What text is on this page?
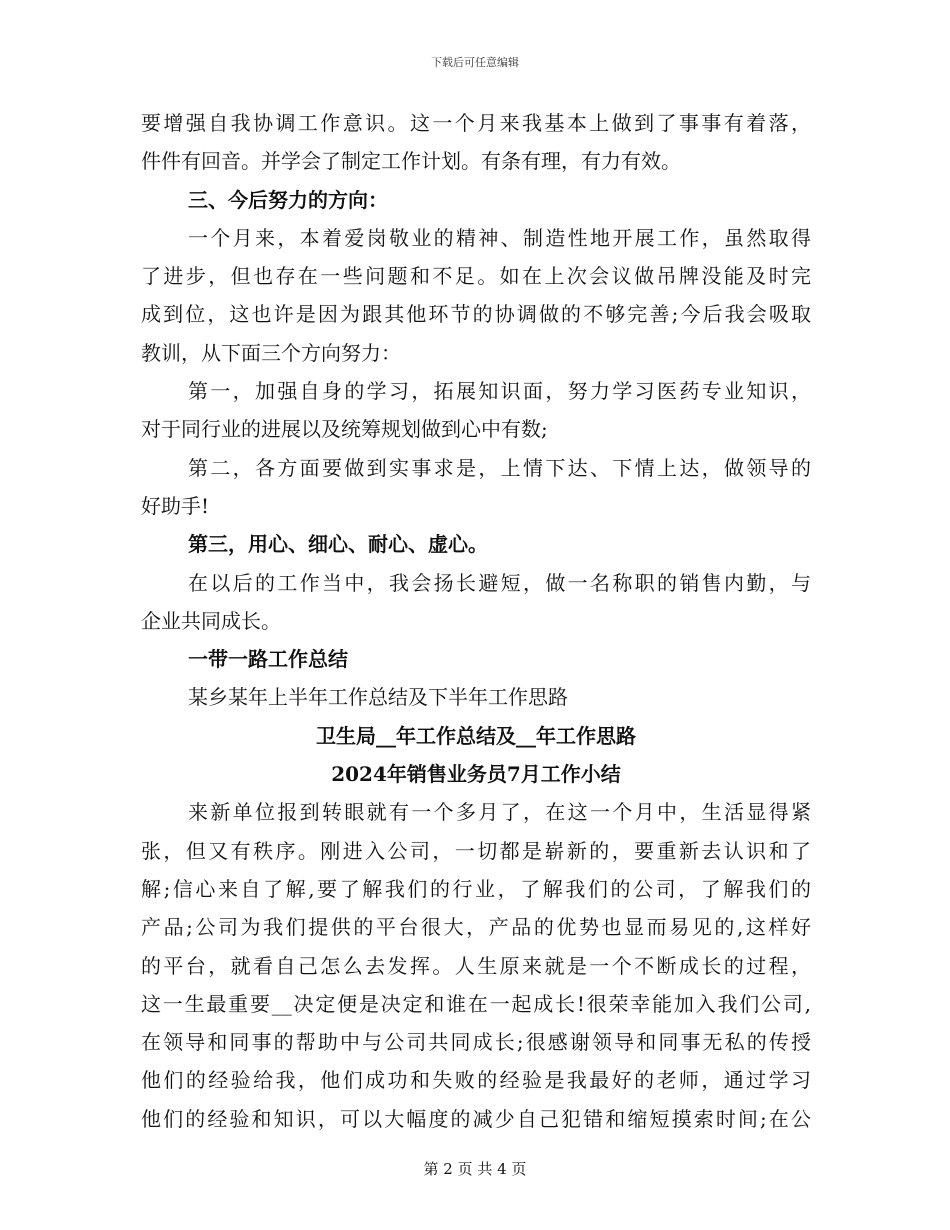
下载后可任意编辑
要增强自我协调工作意识。这一个月来我基本上做到了事事有着落，
件件有回音。并学会了制定工作计划。有条有理，有力有效。
三、今后努力的方向：
一个月来，本着爱岗敬业的精神、制造性地开展工作，虽然取得
了进步，但也存在一些问题和不足。如在上次会议做吊牌没能及时完
成到位，这也许是因为跟其他环节的协调做的不够完善;今后我会吸取
教训，从下面三个方向努力：
第一，加强自身的学习，拓展知识面，努力学习医药专业知识，
对于同行业的进展以及统筹规划做到心中有数;
第二，各方面要做到实事求是，上情下达、下情上达，做领导的
好助手!
第三，用心、细心、耐心、虚心。
在以后的工作当中，我会扬长避短，做一名称职的销售内勤，与
企业共同成长。
一带一路工作总结
某乡某年上半年工作总结及下半年工作思路
卫生局__年工作总结及__年工作思路
2024年销售业务员7月工作小结
来新单位报到转眼就有一个多月了，在这一个月中，生活显得紧
张，但又有秩序。刚进入公司，一切都是崭新的，要重新去认识和了
解;信心来自了解,要了解我们的行业，了解我们的公司，了解我们的
产品;公司为我们提供的平台很大，产品的优势也显而易见的,这样好
的平台，就看自己怎么去发挥。人生原来就是一个不断成长的过程，
这一生最重要__决定便是决定和谁在一起成长!很荣幸能加入我们公司,
在领导和同事的帮助中与公司共同成长;很感谢领导和同事无私的传授
他们的经验给我，他们成功和失败的经验是我最好的老师，通过学习
他们的经验和知识，可以大幅度的减少自己犯错和缩短摸索时间;在公
第 2 页 共 4 页
